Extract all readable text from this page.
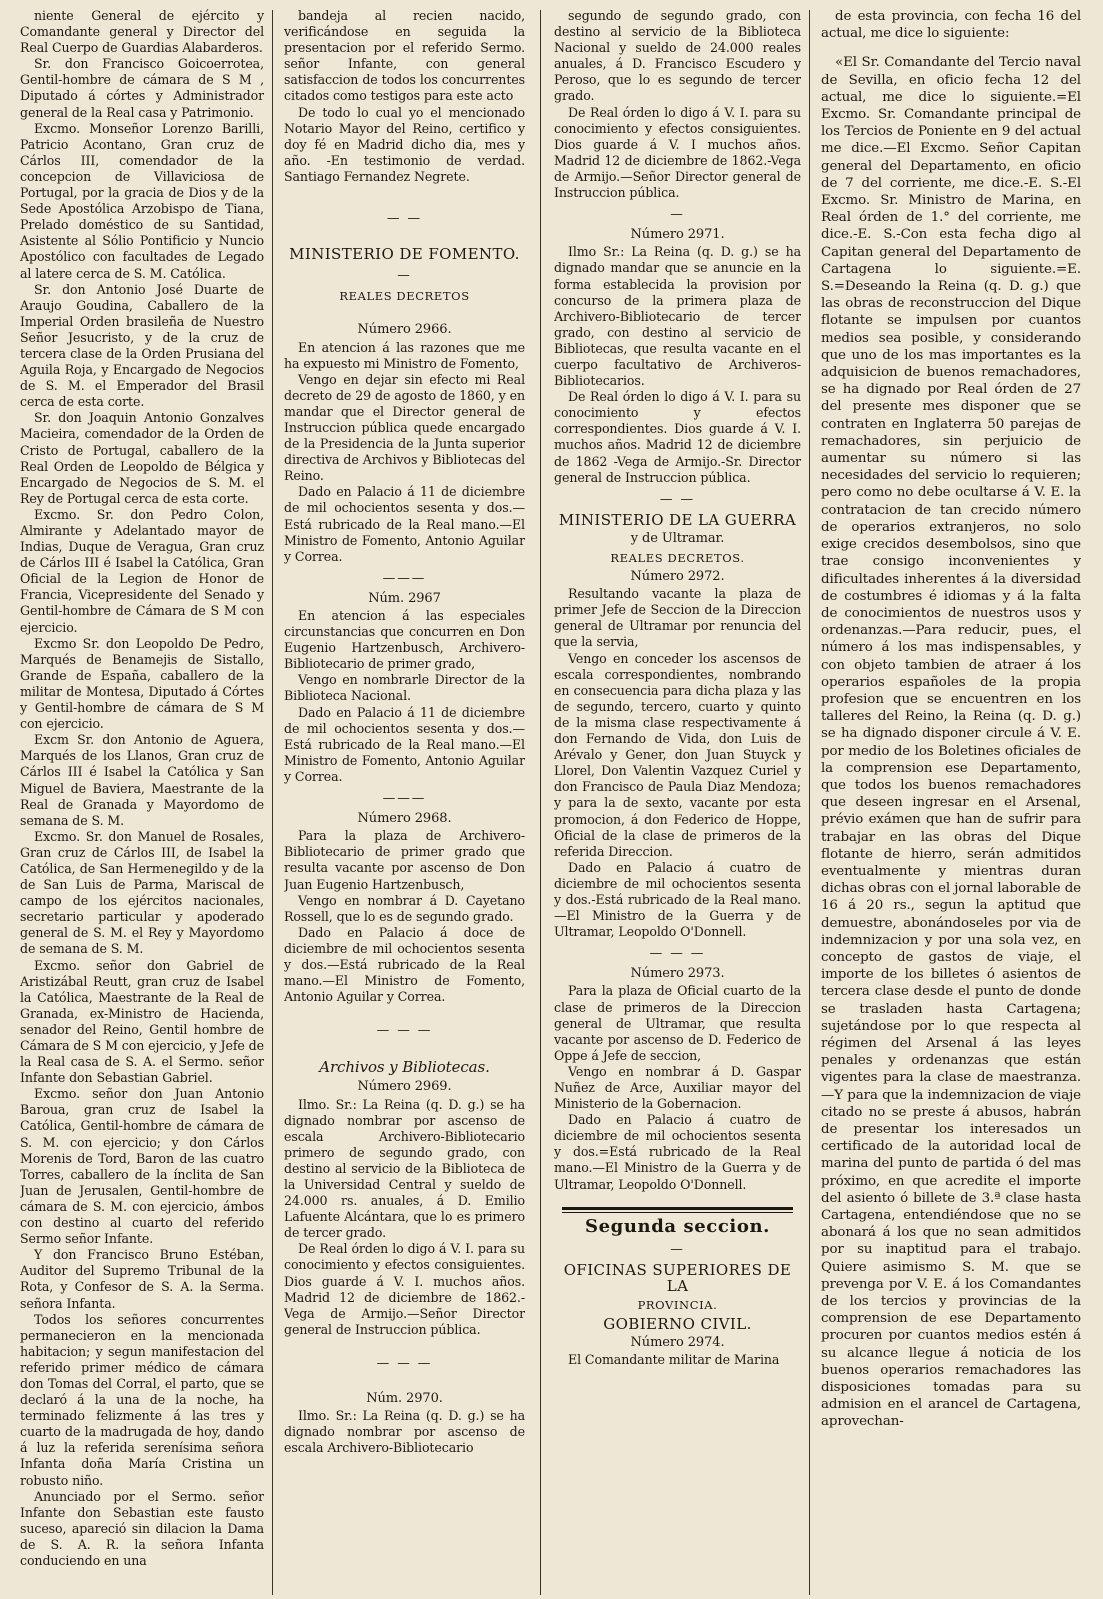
niente General de ejército y Comandante general y Director del Real Cuerpo de Guardias Alabarderos.

Sr. don Francisco Goicoerrotea, Gentil-hombre de cámara de S M , Diputado á córtes y Administrador general de la Real casa y Patrimonio.

Excmo. Monseñor Lorenzo Barilli, Patricio Acontano, Gran cruz de Cárlos III, comendador de la concepcion de Villaviciosa de Portugal, por la gracia de Dios y de la Sede Apostólica Arzobispo de Tiana, Prelado doméstico de su Santidad, Asistente al Sólio Pontificio y Nuncio Apostólico con facultades de Legado al latere cerca de S. M. Católica.

Sr. don Antonio José Duarte de Araujo Goudina, Caballero de la Imperial Orden brasileña de Nuestro Señor Jesucristo, y de la cruz de tercera clase de la Orden Prusiana del Aguila Roja, y Encargado de Negocios de S. M. el Emperador del Brasil cerca de esta corte.

Sr. don Joaquin Antonio Gonzalves Macieira, comendador de la Orden de Cristo de Portugal, caballero de la Real Orden de Leopoldo de Bélgica y Encargado de Negocios de S. M. el Rey de Portugal cerca de esta corte.

Excmo. Sr. don Pedro Colon, Almirante y Adelantado mayor de Indias, Duque de Veragua, Gran cruz de Cárlos III é Isabel la Católica, Gran Oficial de la Legion de Honor de Francia, Vicepresidente del Senado y Gentil-hombre de Cámara de S M con ejercicio.

Excmo Sr. don Leopoldo De Pedro, Marqués de Benamejis de Sistallo, Grande de España, caballero de la militar de Montesa, Diputado á Córtes y Gentil-hombre de cámara de S M con ejercicio.

Excm Sr. don Antonio de Aguera, Marqués de los Llanos, Gran cruz de Cárlos III é Isabel la Católica y San Miguel de Baviera, Maestrante de la Real de Granada y Mayordomo de semana de S. M.

Excmo. Sr. don Manuel de Rosales, Gran cruz de Cárlos III, de Isabel la Católica, de San Hermenegildo y de la de San Luis de Parma, Mariscal de campo de los ejércitos nacionales, secretario particular y apoderado general de S. M. el Rey y Mayordomo de semana de S. M.

Excmo. señor don Gabriel de Aristizábal Reutt, gran cruz de Isabel la Católica, Maestrante de la Real de Granada, ex-Ministro de Hacienda, senador del Reino, Gentil hombre de Cámara de S M con ejercicio, y Jefe de la Real casa de S. A. el Sermo. señor Infante don Sebastian Gabriel.

Excmo. señor don Juan Antonio Baroua, gran cruz de Isabel la Católica, Gentil-hombre de cámara de S. M. con ejercicio; y don Cárlos Morenis de Tord, Baron de las cuatro Torres, caballero de la ínclita de San Juan de Jerusalen, Gentil-hombre de cámara de S. M. con ejercicio, ámbos con destino al cuarto del referido Sermo señor Infante.

Y don Francisco Bruno Estéban, Auditor del Supremo Tribunal de la Rota, y Confesor de S. A. la Serma. señora Infanta.

Todos los señores concurrentes permanecieron en la mencionada habitacion; y segun manifestacion del referido primer médico de cámara don Tomas del Corral, el parto, que se declaró á la una de la noche, ha terminado felizmente á las tres y cuarto de la madrugada de hoy, dando á luz la referida serenísima señora Infanta doña María Cristina un robusto niño.

Anunciado por el Sermo. señor Infante don Sebastian este fausto suceso, apareció sin dilacion la Dama de S. A. R. la señora Infanta conduciendo en una

bandeja al recien nacido, verificándose en seguida la presentacion por el referido Sermo. señor Infante, con general satisfaccion de todos los concurrentes citados como testigos para este acto

De todo lo cual yo el mencionado Notario Mayor del Reino, certifico y doy fé en Madrid dicho dia, mes y año. -En testimonio de verdad. Santiago Fernandez Negrete.

— —

MINISTERIO DE FOMENTO.

—

REALES DECRETOS

Número 2966.

En atencion á las razones que me ha expuesto mi Ministro de Fomento,

Vengo en dejar sin efecto mi Real decreto de 29 de agosto de 1860, y en mandar que el Director general de Instruccion pública quede encargado de la Presidencia de la Junta superior directiva de Archivos y Bibliotecas del Reino.

Dado en Palacio á 11 de diciembre de mil ochocientos sesenta y dos.—Está rubricado de la Real mano.—El Ministro de Fomento, Antonio Aguilar y Correa.

———

Núm. 2967

En atencion á las especiales circunstancias que concurren en Don Eugenio Hartzenbusch, Archivero-Bibliotecario de primer grado,

Vengo en nombrarle Director de la Biblioteca Nacional.

Dado en Palacio á 11 de diciembre de mil ochocientos sesenta y dos.—Está rubricado de la Real mano.—El Ministro de Fomento, Antonio Aguilar y Correa.

———

Número 2968.

Para la plaza de Archivero-Bibliotecario de primer grado que resulta vacante por ascenso de Don Juan Eugenio Hartzenbusch,

Vengo en nombrar á D. Cayetano Rossell, que lo es de segundo grado.

Dado en Palacio á doce de diciembre de mil ochocientos sesenta y dos.—Está rubricado de la Real mano.—El Ministro de Fomento, Antonio Aguilar y Correa.

— — —

Archivos y Bibliotecas.

Número 2969.

Ilmo. Sr.: La Reina (q. D. g.) se ha dignado nombrar por ascenso de escala Archivero-Bibliotecario primero de segundo grado, con destino al servicio de la Biblioteca de la Universidad Central y sueldo de 24.000 rs. anuales, á D. Emilio Lafuente Alcántara, que lo es primero de tercer grado.

De Real órden lo digo á V. I. para su conocimiento y efectos consiguientes. Dios guarde á V. I. muchos años. Madrid 12 de diciembre de 1862.-Vega de Armijo.—Señor Director general de Instruccion pública.

— — —

Núm. 2970.

Ilmo. Sr.: La Reina (q. D. g.) se ha dignado nombrar por ascenso de escala Archivero-Bibliotecario

segundo de segundo grado, con destino al servicio de la Biblioteca Nacional y sueldo de 24.000 reales anuales, á D. Francisco Escudero y Peroso, que lo es segundo de tercer grado.

De Real órden lo digo á V. I. para su conocimiento y efectos consiguientes. Dios guarde á V. I muchos años. Madrid 12 de diciembre de 1862.-Vega de Armijo.—Señor Director general de Instruccion pública.

—

Número 2971.

Ilmo Sr.: La Reina (q. D. g.) se ha dignado mandar que se anuncie en la forma establecida la provision por concurso de la primera plaza de Archivero-Bibliotecario de tercer grado, con destino al servicio de Bibliotecas, que resulta vacante en el cuerpo facultativo de Archiveros-Bibliotecarios.

De Real órden lo digo á V. I. para su conocimiento y efectos correspondientes. Dios guarde á V. I. muchos años. Madrid 12 de diciembre de 1862 -Vega de Armijo.-Sr. Director general de Instruccion pública.

— —

MINISTERIO DE LA GUERRA

y de Ultramar.

REALES DECRETOS.

Número 2972.

Resultando vacante la plaza de primer Jefe de Seccion de la Direccion general de Ultramar por renuncia del que la servia,

Vengo en conceder los ascensos de escala correspondientes, nombrando en consecuencia para dicha plaza y las de segundo, tercero, cuarto y quinto de la misma clase respectivamente á don Fernando de Vida, don Luis de Arévalo y Gener, don Juan Stuyck y Llorel, Don Valentin Vazquez Curiel y don Francisco de Paula Diaz Mendoza; y para la de sexto, vacante por esta promocion, á don Federico de Hoppe, Oficial de la clase de primeros de la referida Direccion.

Dado en Palacio á cuatro de diciembre de mil ochocientos sesenta y dos.-Está rubricado de la Real mano.—El Ministro de la Guerra y de Ultramar, Leopoldo O'Donnell.

— — —

Número 2973.

Para la plaza de Oficial cuarto de la clase de primeros de la Direccion general de Ultramar, que resulta vacante por ascenso de D. Federico de Oppe á Jefe de seccion,

Vengo en nombrar á D. Gaspar Nuñez de Arce, Auxiliar mayor del Ministerio de la Gobernacion.

Dado en Palacio á cuatro de diciembre de mil ochocientos sesenta y dos.=Está rubricado de la Real mano.—El Ministro de la Guerra y de Ultramar, Leopoldo O'Donnell.

Segunda seccion.

—

OFICINAS SUPERIORES DE LA

PROVINCIA.

GOBIERNO CIVIL.

Número 2974.

El Comandante militar de Marina

de esta provincia, con fecha 16 del actual, me dice lo siguiente:

«El Sr. Comandante del Tercio naval de Sevilla, en oficio fecha 12 del actual, me dice lo siguiente.=El Excmo. Sr. Comandante principal de los Tercios de Poniente en 9 del actual me dice.—El Excmo. Señor Capitan general del Departamento, en oficio de 7 del corriente, me dice.-E. S.-El Excmo. Sr. Ministro de Marina, en Real órden de 1.° del corriente, me dice.-E. S.-Con esta fecha digo al Capitan general del Departamento de Cartagena lo siguiente.=E. S.=Deseando la Reina (q. D. g.) que las obras de reconstruccion del Dique flotante se impulsen por cuantos medios sea posible, y considerando que uno de los mas importantes es la adquisicion de buenos remachadores, se ha dignado por Real órden de 27 del presente mes disponer que se contraten en Inglaterra 50 parejas de remachadores, sin perjuicio de aumentar su número si las necesidades del servicio lo requieren; pero como no debe ocultarse á V. E. la contratacion de tan crecido número de operarios extranjeros, no solo exige crecidos desembolsos, sino que trae consigo inconvenientes y dificultades inherentes á la diversidad de costumbres é idiomas y á la falta de conocimientos de nuestros usos y ordenanzas.—Para reducir, pues, el número á los mas indispensables, y con objeto tambien de atraer á los operarios españoles de la propia profesion que se encuentren en los talleres del Reino, la Reina (q. D. g.) se ha dignado disponer circule á V. E. por medio de los Boletines oficiales de la comprension ese Departamento, que todos los buenos remachadores que deseen ingresar en el Arsenal, prévio exámen que han de sufrir para trabajar en las obras del Dique flotante de hierro, serán admitidos eventualmente y mientras duran dichas obras con el jornal laborable de 16 á 20 rs., segun la aptitud que demuestre, abonándoseles por via de indemnizacion y por una sola vez, en concepto de gastos de viaje, el importe de los billetes ó asientos de tercera clase desde el punto de donde se trasladen hasta Cartagena; sujetándose por lo que respecta al régimen del Arsenal á las leyes penales y ordenanzas que están vigentes para la clase de maestranza.—Y para que la indemnizacion de viaje citado no se preste á abusos, habrán de presentar los interesados un certificado de la autoridad local de marina del punto de partida ó del mas próximo, en que acredite el importe del asiento ó billete de 3.ª clase hasta Cartagena, entendiéndose que no se abonará á los que no sean admitidos por su inaptitud para el trabajo. Quiere asimismo S. M. que se prevenga por V. E. á los Comandantes de los tercios y provincias de la comprension de ese Departamento procuren por cuantos medios estén á su alcance llegue á noticia de los buenos operarios remachadores las disposiciones tomadas para su admision en el arancel de Cartagena, aprovechan-
